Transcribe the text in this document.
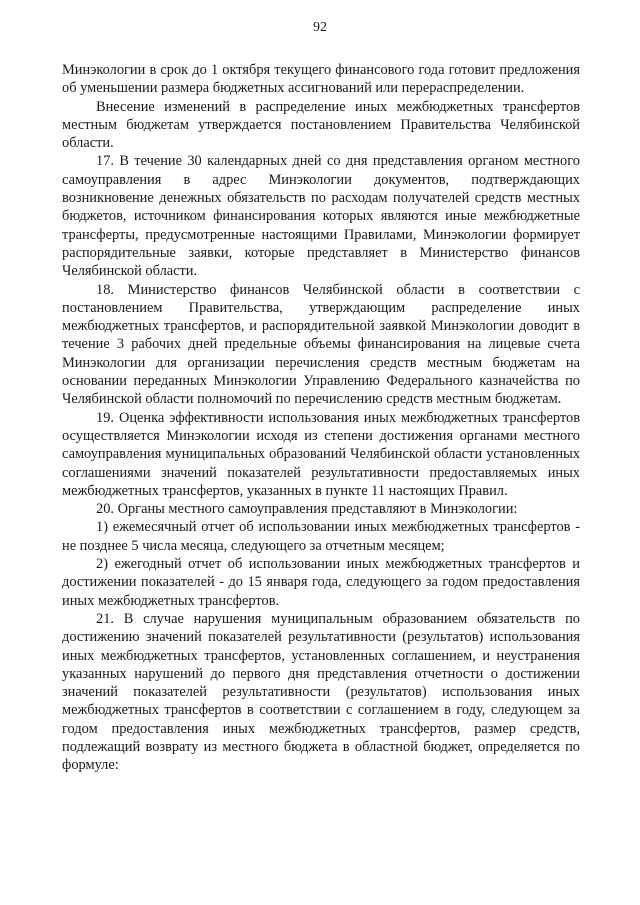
92

Минэкологии в срок до 1 октября текущего финансового года готовит предложения об уменьшении размера бюджетных ассигнований или перераспределении.

Внесение изменений в распределение иных межбюджетных трансфертов местным бюджетам утверждается постановлением Правительства Челябинской области.

17. В течение 30 календарных дней со дня представления органом местного самоуправления в адрес Минэкологии документов, подтверждающих возникновение денежных обязательств по расходам получателей средств местных бюджетов, источником финансирования которых являются иные межбюджетные трансферты, предусмотренные настоящими Правилами, Минэкологии формирует распорядительные заявки, которые представляет в Министерство финансов Челябинской области.

18. Министерство финансов Челябинской области в соответствии с постановлением Правительства, утверждающим распределение иных межбюджетных трансфертов, и распорядительной заявкой Минэкологии доводит в течение 3 рабочих дней предельные объемы финансирования на лицевые счета Минэкологии для организации перечисления средств местным бюджетам на основании переданных Минэкологии Управлению Федерального казначейства по Челябинской области полномочий по перечислению средств местным бюджетам.

19. Оценка эффективности использования иных межбюджетных трансфертов осуществляется Минэкологии исходя из степени достижения органами местного самоуправления муниципальных образований Челябинской области установленных соглашениями значений показателей результативности предоставляемых иных межбюджетных трансфертов, указанных в пункте 11 настоящих Правил.

20. Органы местного самоуправления представляют в Минэкологии:

1) ежемесячный отчет об использовании иных межбюджетных трансфертов - не позднее 5 числа месяца, следующего за отчетным месяцем;

2) ежегодный отчет об использовании иных межбюджетных трансфертов и достижении показателей - до 15 января года, следующего за годом предоставления иных межбюджетных трансфертов.

21. В случае нарушения муниципальным образованием обязательств по достижению значений показателей результативности (результатов) использования иных межбюджетных трансфертов, установленных соглашением, и неустранения указанных нарушений до первого дня представления отчетности о достижении значений показателей результативности (результатов) использования иных межбюджетных трансфертов в соответствии с соглашением в году, следующем за годом предоставления иных межбюджетных трансфертов, размер средств, подлежащий возврату из местного бюджета в областной бюджет, определяется по формуле:
